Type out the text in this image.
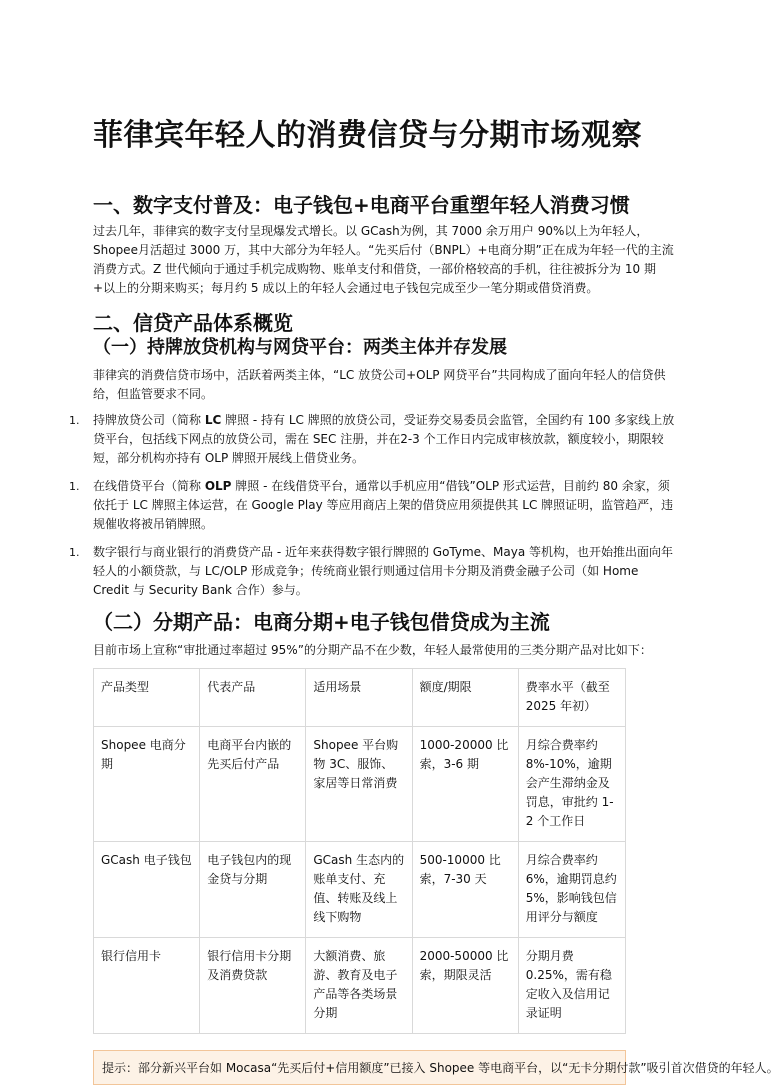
菲律宾年轻人的消费信贷与分期市场观察
一、数字支付普及：电子钱包+电商平台重塑年轻人消费习惯

过去几年，菲律宾的数字支付呈现爆发式增长。以 GCash为例，其 7000 余万用户 90%以上为年轻人，Shopee月活超过 3000 万，其中大部分为年轻人。“先买后付（BNPL）+电商分期”正在成为年轻一代的主流消费方式。Z 世代倾向于通过手机完成购物、账单支付和借贷，一部价格较高的手机，往往被拆分为 10 期+以上的分期来购买；每月约 5 成以上的年轻人会通过电子钱包完成至少一笔分期或借贷消费。

二、信贷产品体系概览
（一）持牌放贷机构与网贷平台：两类主体并存发展

菲律宾的消费信贷市场中，活跃着两类主体，“LC 放贷公司+OLP 网贷平台”共同构成了面向年轻人的信贷供给，但监管要求不同。

1. 持牌放贷公司（简称 LC 牌照 - 持有 LC 牌照的放贷公司，受证券交易委员会监管，全国约有 100 多家线上放贷平台，包括线下网点的放贷公司，需在 SEC 注册，并在2-3 个工作日内完成审核放款，额度较小，期限较短，部分机构亦持有 OLP 牌照开展线上借贷业务。
1. 在线借贷平台（简称 OLP 牌照 - 在线借贷平台，通常以手机应用“借钱”OLP 形式运营，目前约 80 余家，须依托于 LC 牌照主体运营，在 Google Play 等应用商店上架的借贷应用须提供其 LC 牌照证明，监管趋严，违规催收将被吊销牌照。
1. 数字银行与商业银行的消费贷产品 - 近年来获得数字银行牌照的 GoTyme、Maya 等机构，也开始推出面向年轻人的小额贷款，与 LC/OLP 形成竞争；传统商业银行则通过信用卡分期及消费金融子公司（如 Home Credit 与 Security Bank 合作）参与。
（二）分期产品：电商分期+电子钱包借贷成为主流

目前市场上宣称“审批通过率超过 95%”的分期产品不在少数，年轻人最常使用的三类分期产品对比如下：

产品类型	代表产品	适用场景	额度/期限	费率水平（截至 2025 年初）
Shopee 电商分期	电商平台内嵌的先买后付产品	Shopee 平台购物 3C、服饰、家居等日常消费	1000-20000 比索，3-6 期	月综合费率约 8%-10%，逾期会产生滞纳金及罚息，审批约 1-2 个工作日
GCash 电子钱包	电子钱包内的现金贷与分期	GCash 生态内的账单支付、充值、转账及线上线下购物	500-10000 比索，7-30 天	月综合费率约 6%，逾期罚息约 5%，影响钱包信用评分与额度
银行信用卡	银行信用卡分期及消费贷款	大额消费、旅游、教育及电子产品等各类场景分期	2000-50000 比索，期限灵活	分期月费 0.25%，需有稳定收入及信用记录证明
提示：部分新兴平台如 Mocasa“先买后付+信用额度”已接入 Shopee 等电商平台，以“无卡分期付款”吸引首次借贷的年轻人。
